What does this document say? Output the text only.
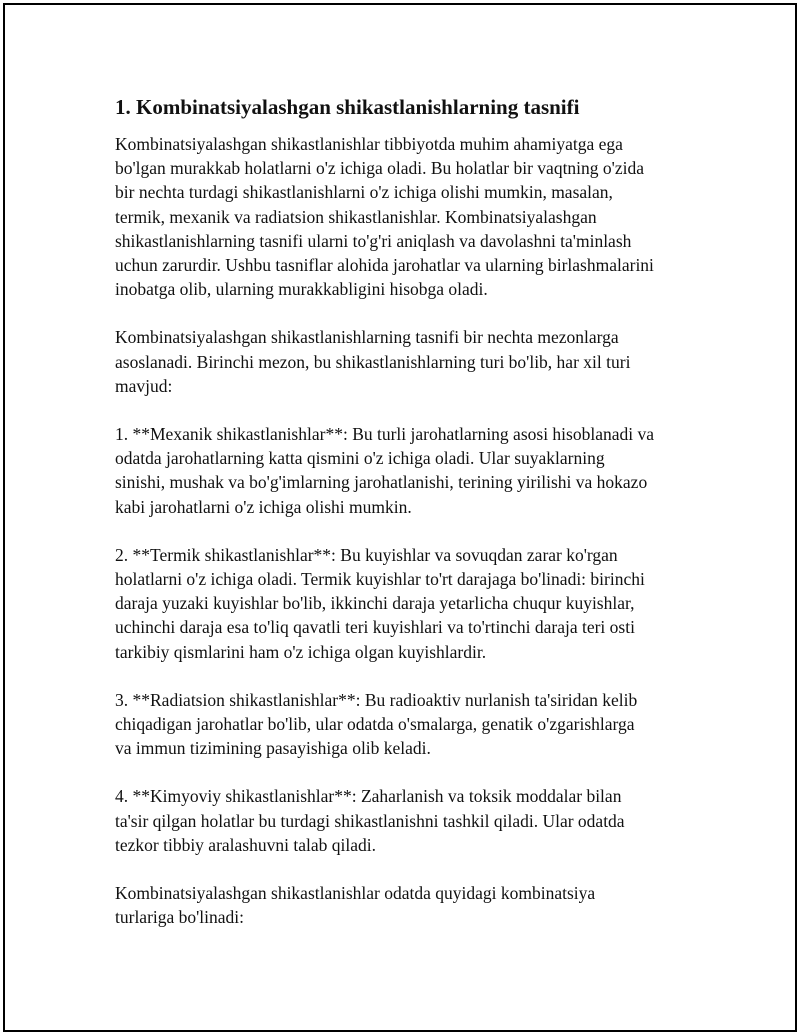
1. Kombinatsiyalashgan shikastlanishlarning tasnifi

Kombinatsiyalashgan shikastlanishlar tibbiyotda muhim ahamiyatga ega
bo'lgan murakkab holatlarni o'z ichiga oladi. Bu holatlar bir vaqtning o'zida
bir nechta turdagi shikastlanishlarni o'z ichiga olishi mumkin, masalan,
termik, mexanik va radiatsion shikastlanishlar. Kombinatsiyalashgan
shikastlanishlarning tasnifi ularni to'g'ri aniqlash va davolashni ta'minlash
uchun zarurdir. Ushbu tasniflar alohida jarohatlar va ularning birlashmalarini
inobatga olib, ularning murakkabligini hisobga oladi.

Kombinatsiyalashgan shikastlanishlarning tasnifi bir nechta mezonlarga
asoslanadi. Birinchi mezon, bu shikastlanishlarning turi bo'lib, har xil turi
mavjud:

1. **Mexanik shikastlanishlar**: Bu turli jarohatlarning asosi hisoblanadi va
odatda jarohatlarning katta qismini o'z ichiga oladi. Ular suyaklarning
sinishi, mushak va bo'g'imlarning jarohatlanishi, terining yirilishi va hokazo
kabi jarohatlarni o'z ichiga olishi mumkin.

2. **Termik shikastlanishlar**: Bu kuyishlar va sovuqdan zarar ko'rgan
holatlarni o'z ichiga oladi. Termik kuyishlar to'rt darajaga bo'linadi: birinchi
daraja yuzaki kuyishlar bo'lib, ikkinchi daraja yetarlicha chuqur kuyishlar,
uchinchi daraja esa to'liq qavatli teri kuyishlari va to'rtinchi daraja teri osti
tarkibiy qismlarini ham o'z ichiga olgan kuyishlardir.

3. **Radiatsion shikastlanishlar**: Bu radioaktiv nurlanish ta'siridan kelib
chiqadigan jarohatlar bo'lib, ular odatda o'smalarga, genatik o'zgarishlarga
va immun tizimining pasayishiga olib keladi.

4. **Kimyoviy shikastlanishlar**: Zaharlanish va toksik moddalar bilan
ta'sir qilgan holatlar bu turdagi shikastlanishni tashkil qiladi. Ular odatda
tezkor tibbiy aralashuvni talab qiladi.

Kombinatsiyalashgan shikastlanishlar odatda quyidagi kombinatsiya
turlariga bo'linadi:
